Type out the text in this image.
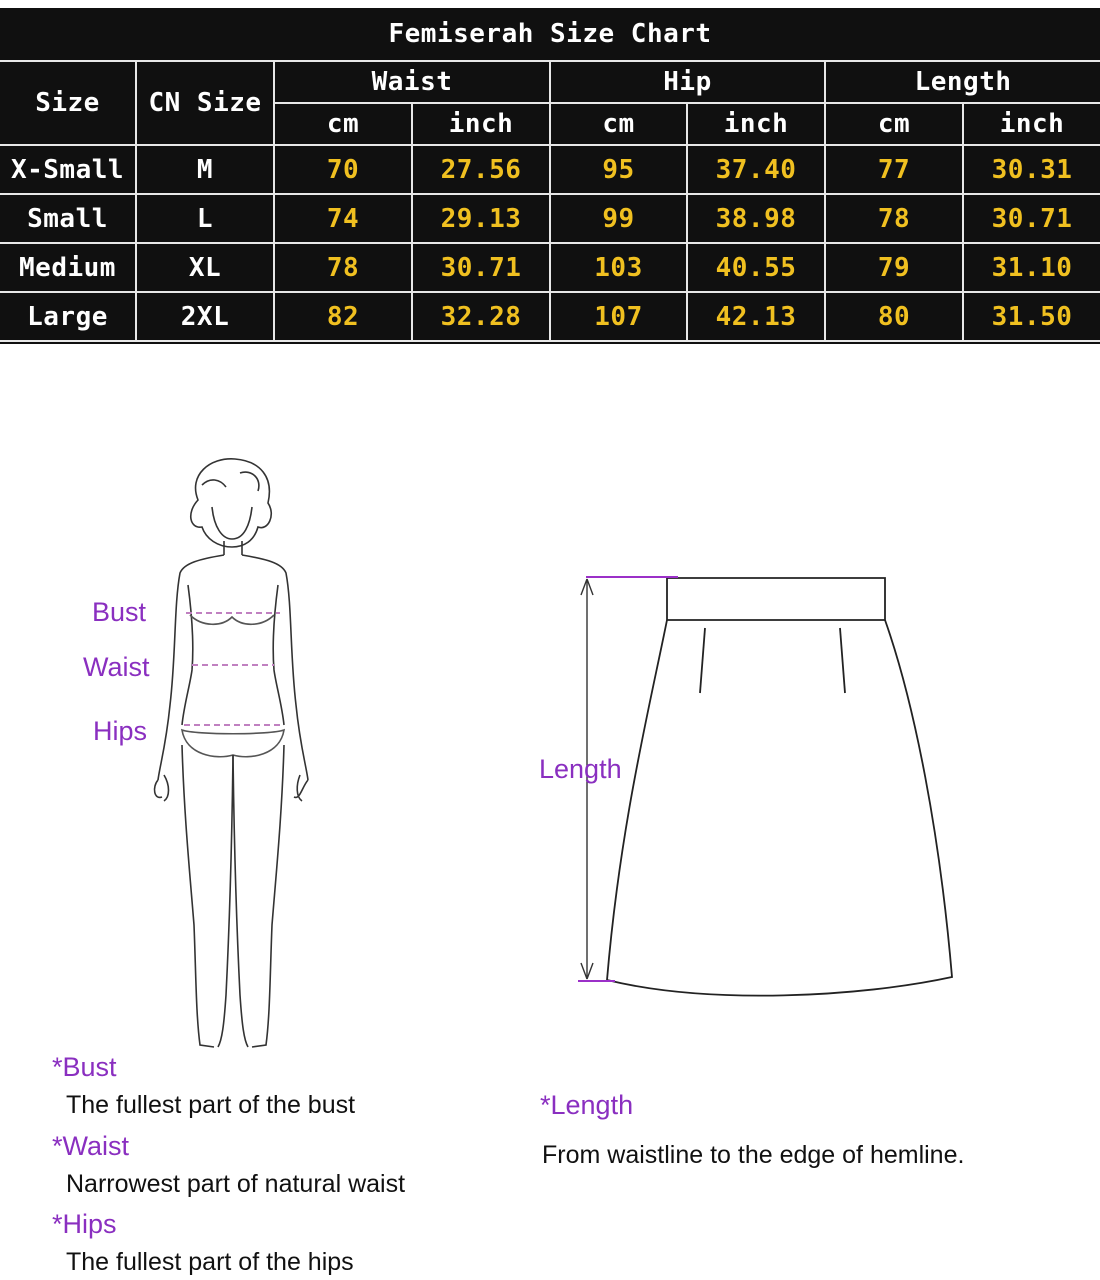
Femiserah Size Chart							
Size	CN Size	Waist		Hip		Length	
		cm	inch	cm	inch	cm	inch
X-Small	M	70	27.56	95	37.40	77	30.31
Small	L	74	29.13	99	38.98	78	30.71
Medium	XL	78	30.71	103	40.55	79	31.10
Large	2XL	82	32.28	107	42.13	80	31.50
Bust
Waist
Hips
Length
*Bust
The fullest part of the bust
*Waist
Narrowest part of natural waist
*Hips
The fullest part of the hips
*Length
From waistline to the edge of hemline.
